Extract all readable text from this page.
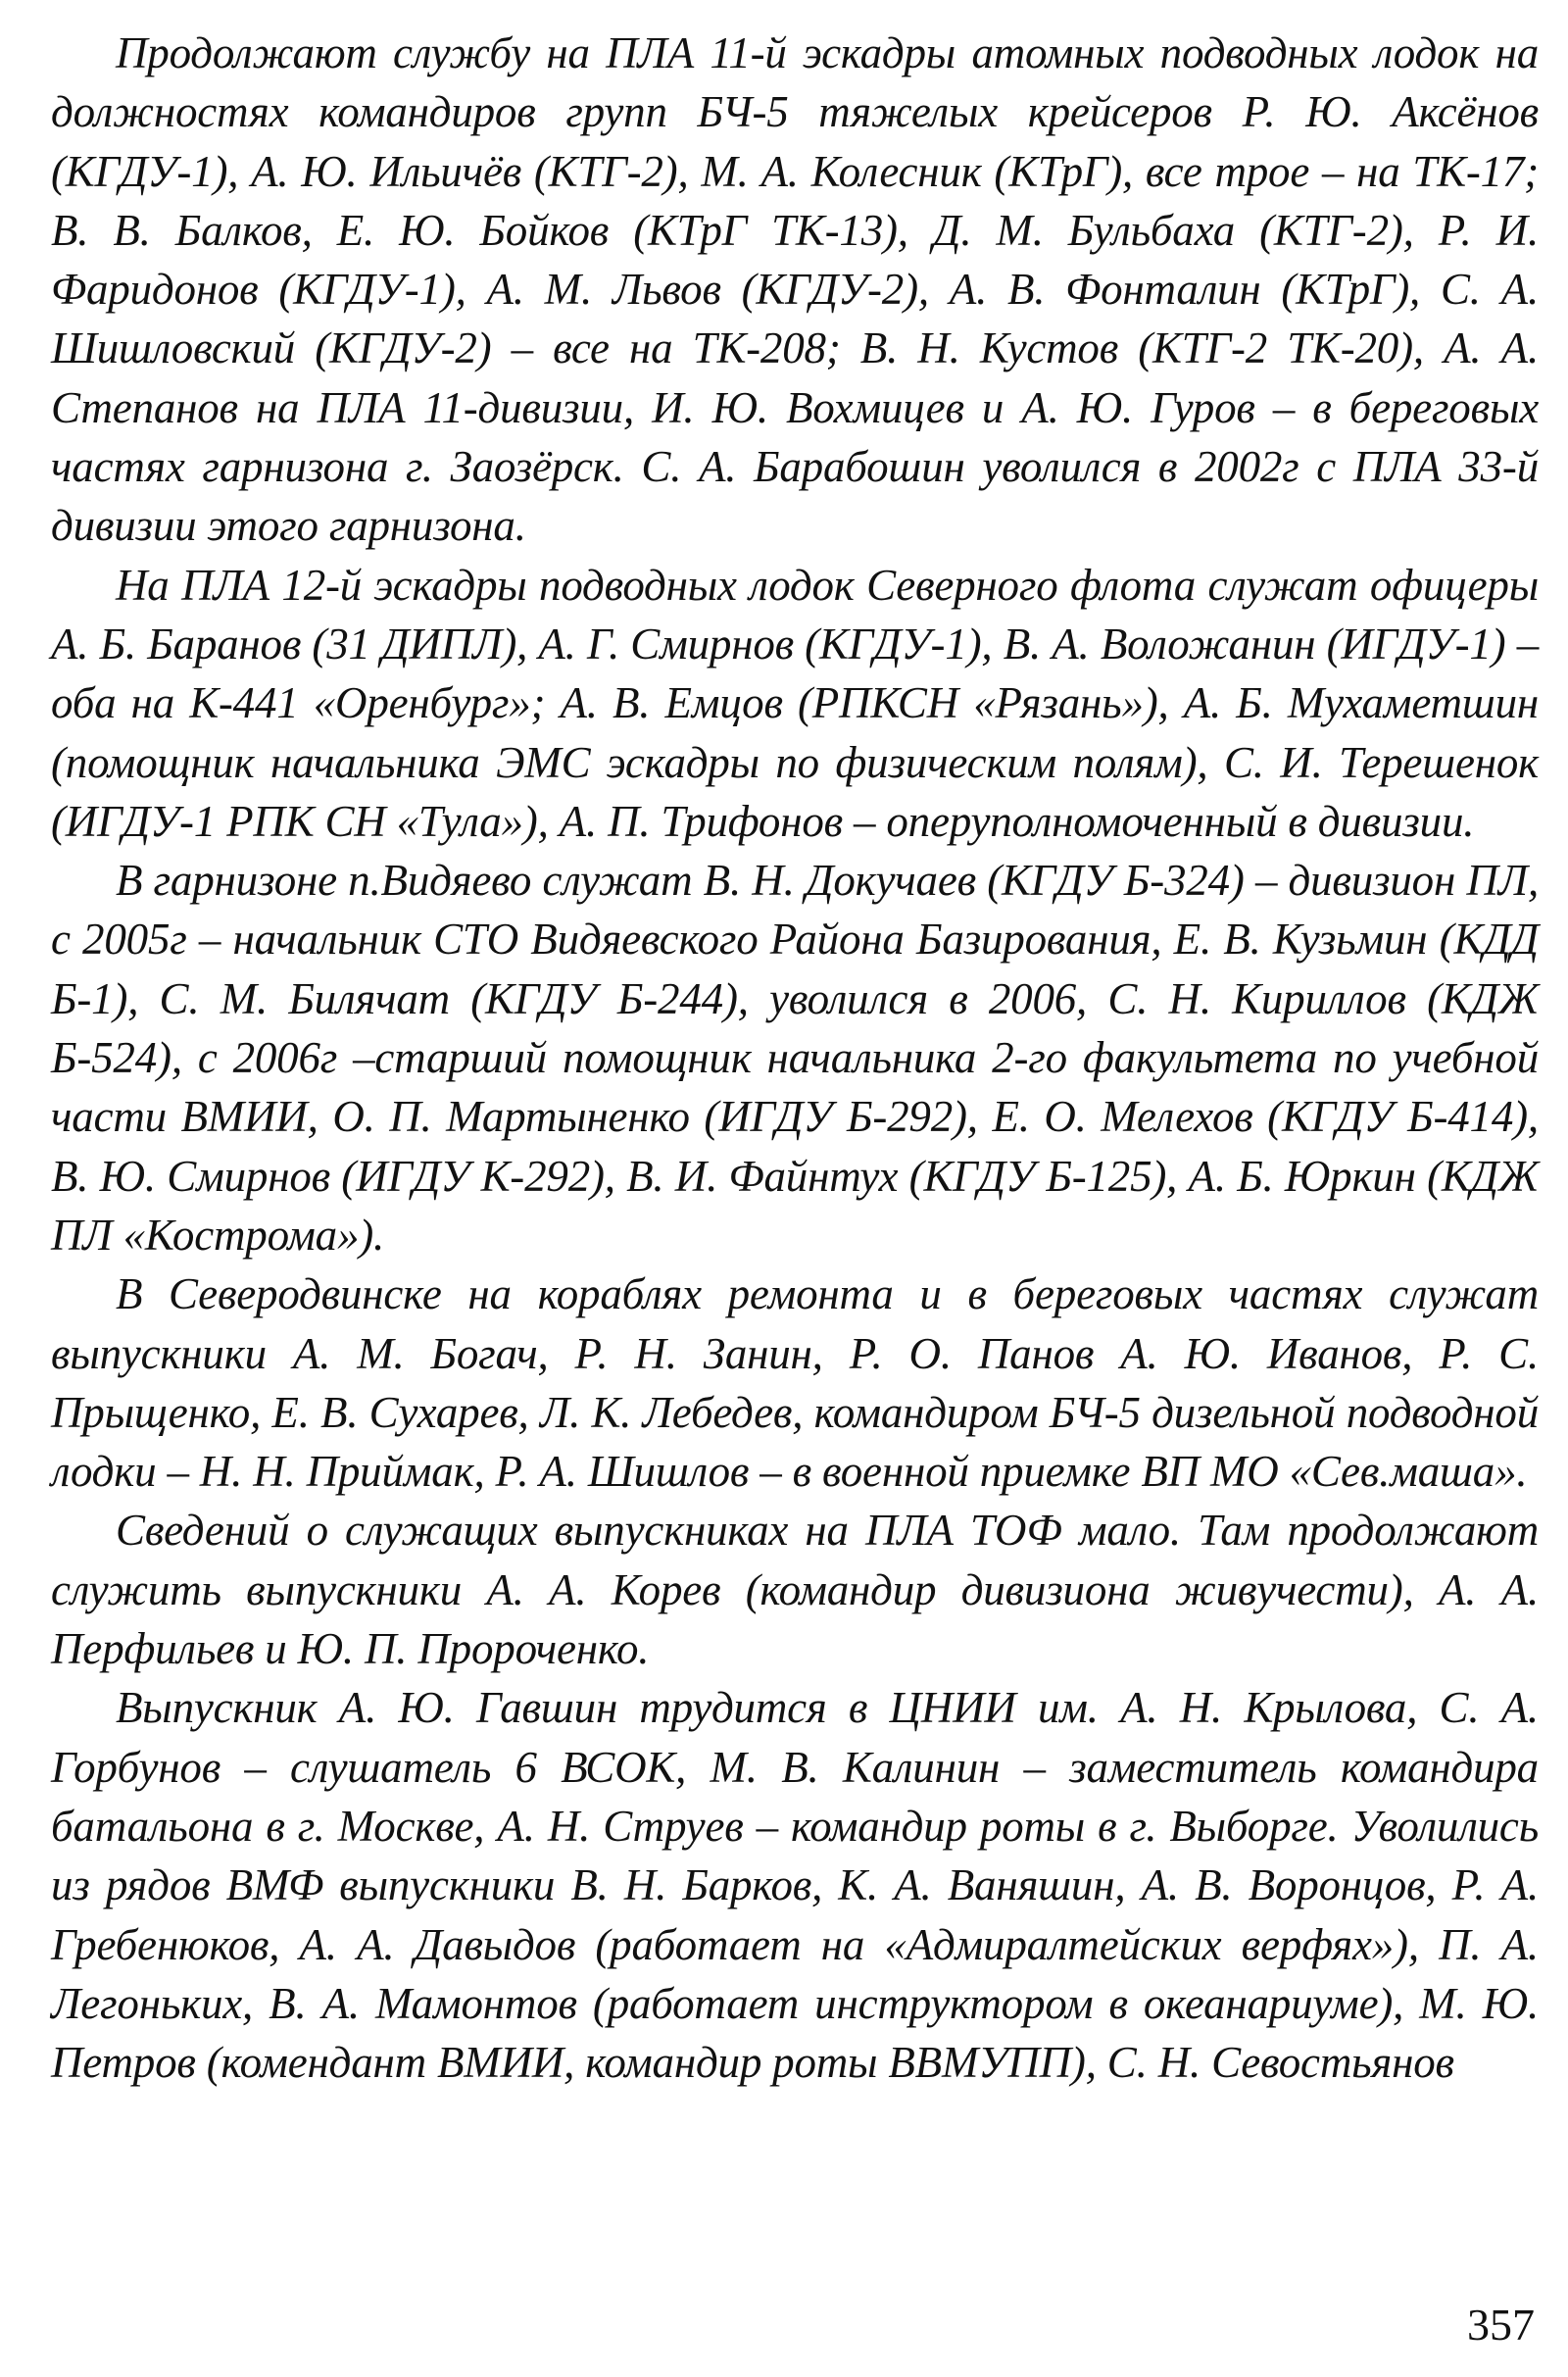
Продолжают службу на ПЛА 11-й эскадры атомных подводных лодок на должностях командиров групп БЧ-5 тяжелых крейсеров Р. Ю. Аксёнов (КГДУ-1), А. Ю. Ильичёв (КТГ-2), М. А. Колесник (КТрГ), все трое – на ТК-17; В. В. Балков, Е. Ю. Бойков (КТрГ ТК-13), Д. М. Бульбаха (КТГ-2), Р. И. Фаридонов (КГДУ-1), А. М. Львов (КГДУ-2), А. В. Фонталин (КТрГ), С. А. Шишловский (КГДУ-2) – все на ТК-208; В. Н. Кустов (КТГ-2 ТК-20), А. А. Степанов на ПЛА 11-дивизии, И. Ю. Вохмицев и А. Ю. Гуров – в береговых частях гарнизона г. Заозёрск. С. А. Барабошин уволился в 2002г с ПЛА 33-й дивизии этого гарнизона.

На ПЛА 12-й эскадры подводных лодок Северного флота служат офицеры А. Б. Баранов (31 ДИПЛ), А. Г. Смирнов (КГДУ-1), В. А. Воложанин (ИГДУ-1) – оба на К-441 «Оренбург»; А. В. Емцов (РПКСН «Рязань»), А. Б. Мухаметшин (помощник начальника ЭМС эскадры по физическим полям), С. И. Терешенок (ИГДУ-1 РПК СН «Тула»), А. П. Трифонов – оперуполномоченный в дивизии.

В гарнизоне п.Видяево служат В. Н. Докучаев (КГДУ Б-324) – дивизион ПЛ, с 2005г – начальник СТО Видяевского Района Базирования, Е. В. Кузьмин (КДД Б-1), С. М. Билячат (КГДУ Б-244), уволился в 2006, С. Н. Кириллов (КДЖ Б-524), с 2006г –старший помощник начальника 2-го факультета по учебной части ВМИИ, О. П. Мартыненко (ИГДУ Б-292), Е. О. Мелехов (КГДУ Б-414), В. Ю. Смирнов (ИГДУ К-292), В. И. Файнтух (КГДУ Б-125), А. Б. Юркин (КДЖ ПЛ «Кострома»).

В Северодвинске на кораблях ремонта и в береговых частях служат выпускники А. М. Богач, Р. Н. Занин, Р. О. Панов А. Ю. Иванов, Р. С. Прыщенко, Е. В. Сухарев, Л. К. Лебедев, командиром БЧ-5 дизельной подводной лодки – Н. Н. Приймак, Р. А. Шишлов – в военной приемке ВП МО «Сев.маша».

Сведений о служащих выпускниках на ПЛА ТОФ мало. Там продолжают служить выпускники А. А. Корев (командир дивизиона живучести), А. А. Перфильев и Ю. П. Пророченко.

Выпускник А. Ю. Гавшин трудится в ЦНИИ им. А. Н. Крылова, С. А. Горбунов – слушатель 6 ВСОК, М. В. Калинин – заместитель командира батальона в г. Москве, А. Н. Струев – командир роты в г. Выборге. Уволились из рядов ВМФ выпускники В. Н. Барков, К. А. Ваняшин, А. В. Воронцов, Р. А. Гребенюков, А. А. Давыдов (работает на «Адмиралтейских верфях»), П. А. Легоньких, В. А. Мамонтов (работает инструктором в океанариуме), М. Ю. Петров (комендант ВМИИ, командир роты ВВМУПП), С. Н. Севостьянов

357
